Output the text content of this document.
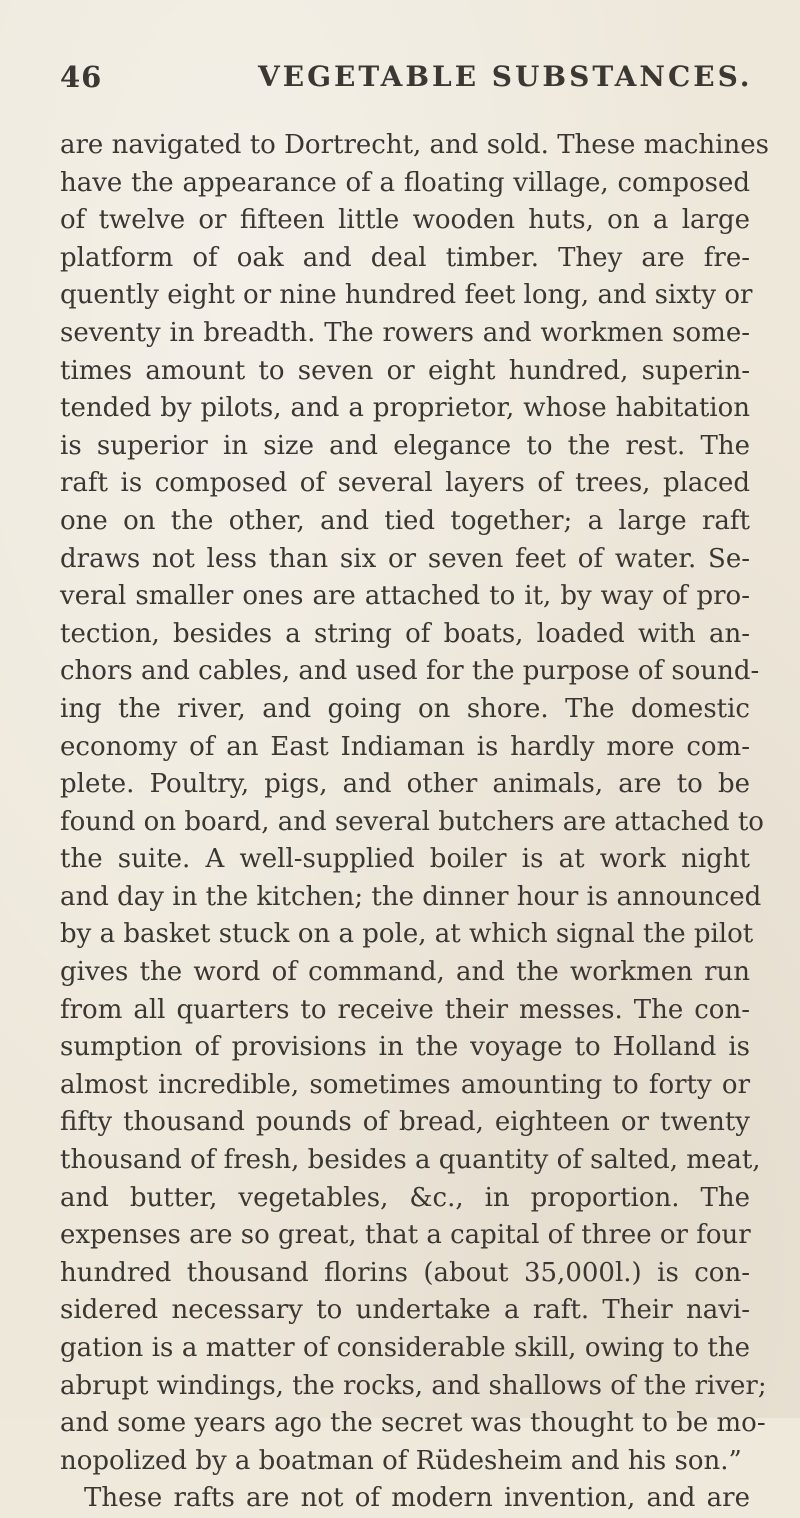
46	VEGETABLE SUBSTANCES.
are navigated to Dortrecht, and sold. These machines
have the appearance of a floating village, composed
of twelve or fifteen little wooden huts, on a large
platform of oak and deal timber. They are fre-
quently eight or nine hundred feet long, and sixty or
seventy in breadth. The rowers and workmen some-
times amount to seven or eight hundred, superin-
tended by pilots, and a proprietor, whose habitation
is superior in size and elegance to the rest. The
raft is composed of several layers of trees, placed
one on the other, and tied together; a large raft
draws not less than six or seven feet of water. Se-
veral smaller ones are attached to it, by way of pro-
tection, besides a string of boats, loaded with an-
chors and cables, and used for the purpose of sound-
ing the river, and going on shore. The domestic
economy of an East Indiaman is hardly more com-
plete. Poultry, pigs, and other animals, are to be
found on board, and several butchers are attached to
the suite. A well-supplied boiler is at work night
and day in the kitchen; the dinner hour is announced
by a basket stuck on a pole, at which signal the pilot
gives the word of command, and the workmen run
from all quarters to receive their messes. The con-
sumption of provisions in the voyage to Holland is
almost incredible, sometimes amounting to forty or
fifty thousand pounds of bread, eighteen or twenty
thousand of fresh, besides a quantity of salted, meat,
and butter, vegetables, &c., in proportion. The
expenses are so great, that a capital of three or four
hundred thousand florins (about 35,000l.) is con-
sidered necessary to undertake a raft. Their navi-
gation is a matter of considerable skill, owing to the
abrupt windings, the rocks, and shallows of the river;
and some years ago the secret was thought to be mo-
nopolized by a boatman of Rüdesheim and his son.”
These rafts are not of modern invention, and are
